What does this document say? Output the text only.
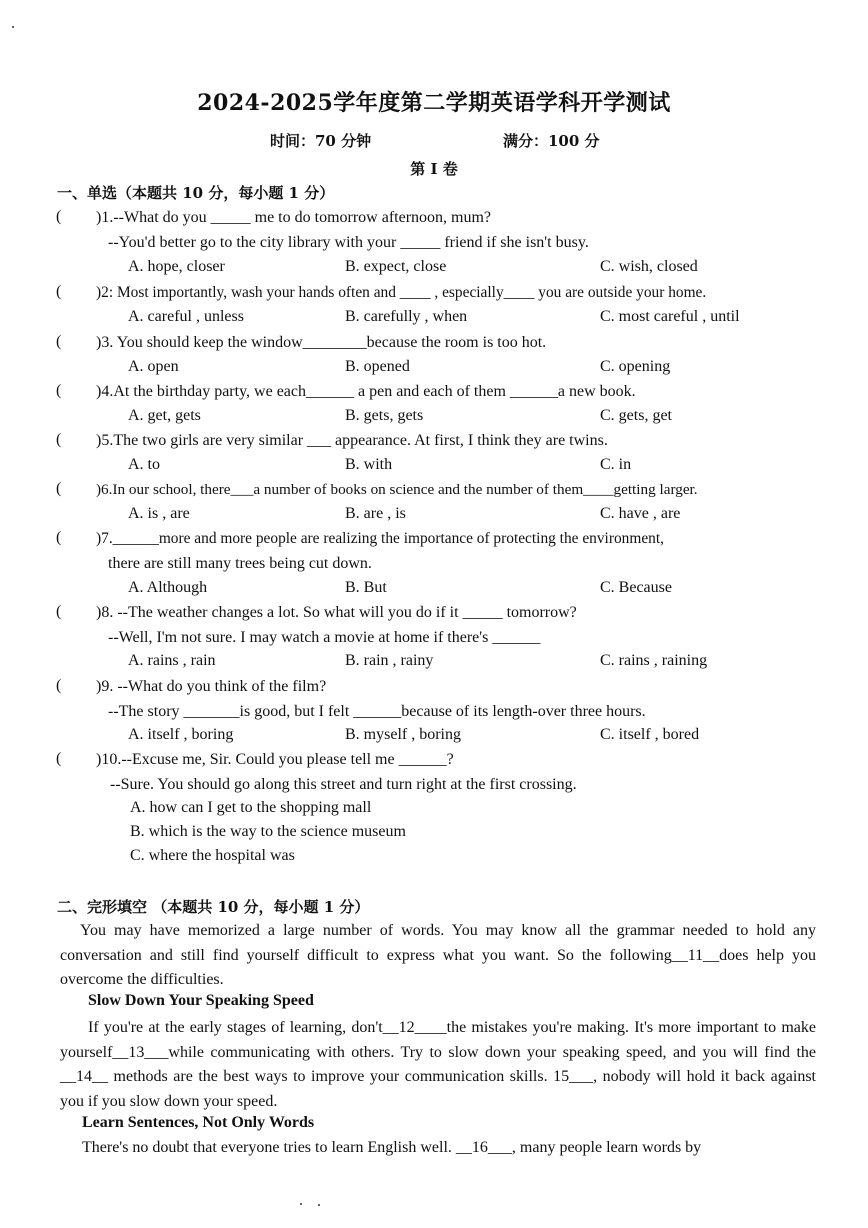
2024-2025学年度第二学期英语学科开学测试
时间：70 分钟	满分：100 分
第 I 卷
一、单选（本题共 10 分，每小题 1 分）
( )1.--What do you _____ me to do tomorrow afternoon, mum?
--You'd better go to the city library with your _____ friend if she isn't busy.
A. hope, closer	B. expect, close	C. wish, closed
( )2: Most importantly, wash your hands often and ____ , especially____ you are outside your home.
A. careful , unless	B. carefully , when	C. most careful , until
( )3. You should keep the window________because the room is too hot.
A. open	B. opened	C. opening
( )4.At the birthday party, we each______ a pen and each of them ______a new book.
A. get, gets	B. gets, gets	C. gets, get
( )5.The two girls are very similar ___ appearance. At first, I think they are twins.
A. to	B. with	C. in
( )6.In our school, there___a number of books on science and the number of them____getting larger.
A. is , are	B. are , is	C. have , are
( )7.______more and more people are realizing the importance of protecting the environment,
there are still many trees being cut down.
A. Although	B. But	C. Because
( )8. --The weather changes a lot. So what will you do if it _____ tomorrow?
--Well, I'm not sure. I may watch a movie at home if there's ______
A. rains , rain	B. rain , rainy	C. rains , raining
( )9. --What do you think of the film?
--The story _______is good, but I felt ______because of its length-over three hours.
A. itself , boring	B. myself , boring	C. itself , bored
( )10.--Excuse me, Sir. Could you please tell me ______?
--Sure. You should go along this street and turn right at the first crossing.
A. how can I get to the shopping mall
B. which is the way to the science museum
C. where the hospital was
二、完形填空 （本题共 10 分，每小题 1 分）
You may have memorized a large number of words. You may know all the grammar needed to hold any conversation and still find yourself difficult to express what you want. So the following__11__does help you overcome the difficulties.
Slow Down Your Speaking Speed
If you're at the early stages of learning, don't__12____the mistakes you're making. It's more important to make yourself__13___while communicating with others. Try to slow down your speaking speed, and you will find the __14__ methods are the best ways to improve your communication skills. 15___, nobody will hold it back against you if you slow down your speed.
Learn Sentences, Not Only Words
There's no doubt that everyone tries to learn English well. __16___, many people learn words by
